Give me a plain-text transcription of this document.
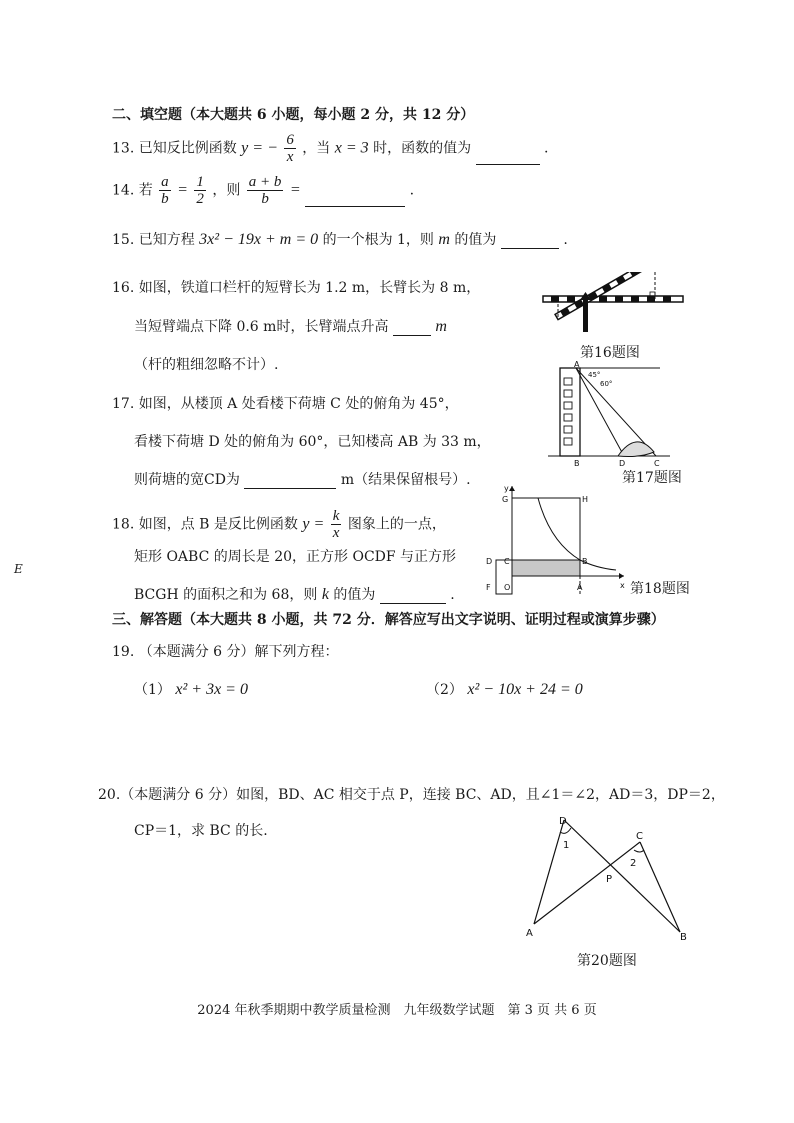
二、填空题（本大题共 6 小题，每小题 2 分，共 12 分）
13. 已知反比例函数 y = − $\frac{6}{x}$ ，当 x = 3 时，函数的值为	.
14. 若 $\frac{a}{b} = \frac{1}{2}$ ，则 $\frac{a + b}{b}$ =	.
15. 已知方程 3x² − 19x + m = 0 的一个根为 1，则 m 的值为	.
16. 如图，铁道口栏杆的短臂长为 1.2 m，长臂长为 8 m，
当短臂端点下降 0.6 m时，长臂端点升高	m
（杆的粗细忽略不计）.
第16题图
17. 如图，从楼顶 A 处看楼下荷塘 C 处的俯角为 45°，
看楼下荷塘 D 处的俯角为 60°，已知楼高 AB 为 33 m，
则荷塘的宽CD为	m（结果保留根号）.
A
B	D	C
45°
60°
第17题图
18. 如图，点 B 是反比例函数 $y = \frac{k}{x}$ 图象上的一点，
矩形 OABC 的周长是 20，正方形 OCDF 与正方形
BCGH 的面积之和为 68，则 k 的值为	.
y
x
G	H
D C	B
F O	A	第18题图
E
三、解答题（本大题共 8 小题，共 72 分．解答应写出文字说明、证明过程或演算步骤）
19. （本题满分 6 分）解下列方程：
（1） x² + 3x = 0	（2） x² − 10x + 24 = 0
20.（本题满分 6 分）如图，BD、AC 相交于点 P，连接 BC、AD，且∠1＝∠2，AD＝3，DP＝2，
CP＝1，求 BC 的长.
D
1
C
2
P
A	B
第20题图
2024 年秋季期期中教学质量检测　九年级数学试题　第 3 页 共 6 页
